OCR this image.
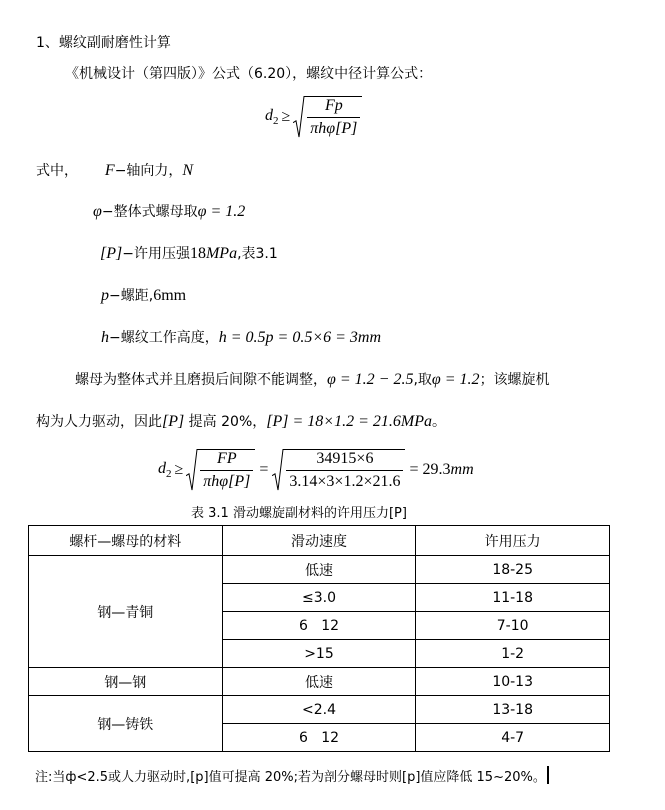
1、螺纹副耐磨性计算
《机械设计（第四版）》公式（6.20），螺纹中径计算公式：
$d_2 \ge \frac{Fp}{\text{πhφ[P]}}$
式中， F−轴向力，N
φ−整体式螺母取φ = 1.2
[P]−许用压强18MPa,表3.1
p−螺距,6mm
h−螺纹工作高度，h = 0.5p = 0.5×6 = 3mm
螺母为整体式并且磨损后间隙不能调整，φ = 1.2 − 2.5,取φ = 1.2；该螺旋机
构为人力驱动，因此[P] 提高 20%，[P] = 18×1.2 = 21.6MPa。
$d_2 \ge \frac{FP}{\text{πhφ[P]}} = \frac{34915\times 6}{3.14\times 3\times 1.2\times 21.6} = 29.3$ mm
表 3.1 滑动螺旋副材料的许用压力[P]
螺杆—螺母的材料	滑动速度	许用压力
钢—青铜	低速	18-25
	≤3.0	11-18
	6   12	7-10
	>15	1-2
钢—钢	低速	10-13
钢—铸铁	<2.4	13-18
	6   12	4-7
注:当ф<2.5或人力驱动时,[p]值可提高 20%;若为剖分螺母时则[p]值应降低 15~20%。
